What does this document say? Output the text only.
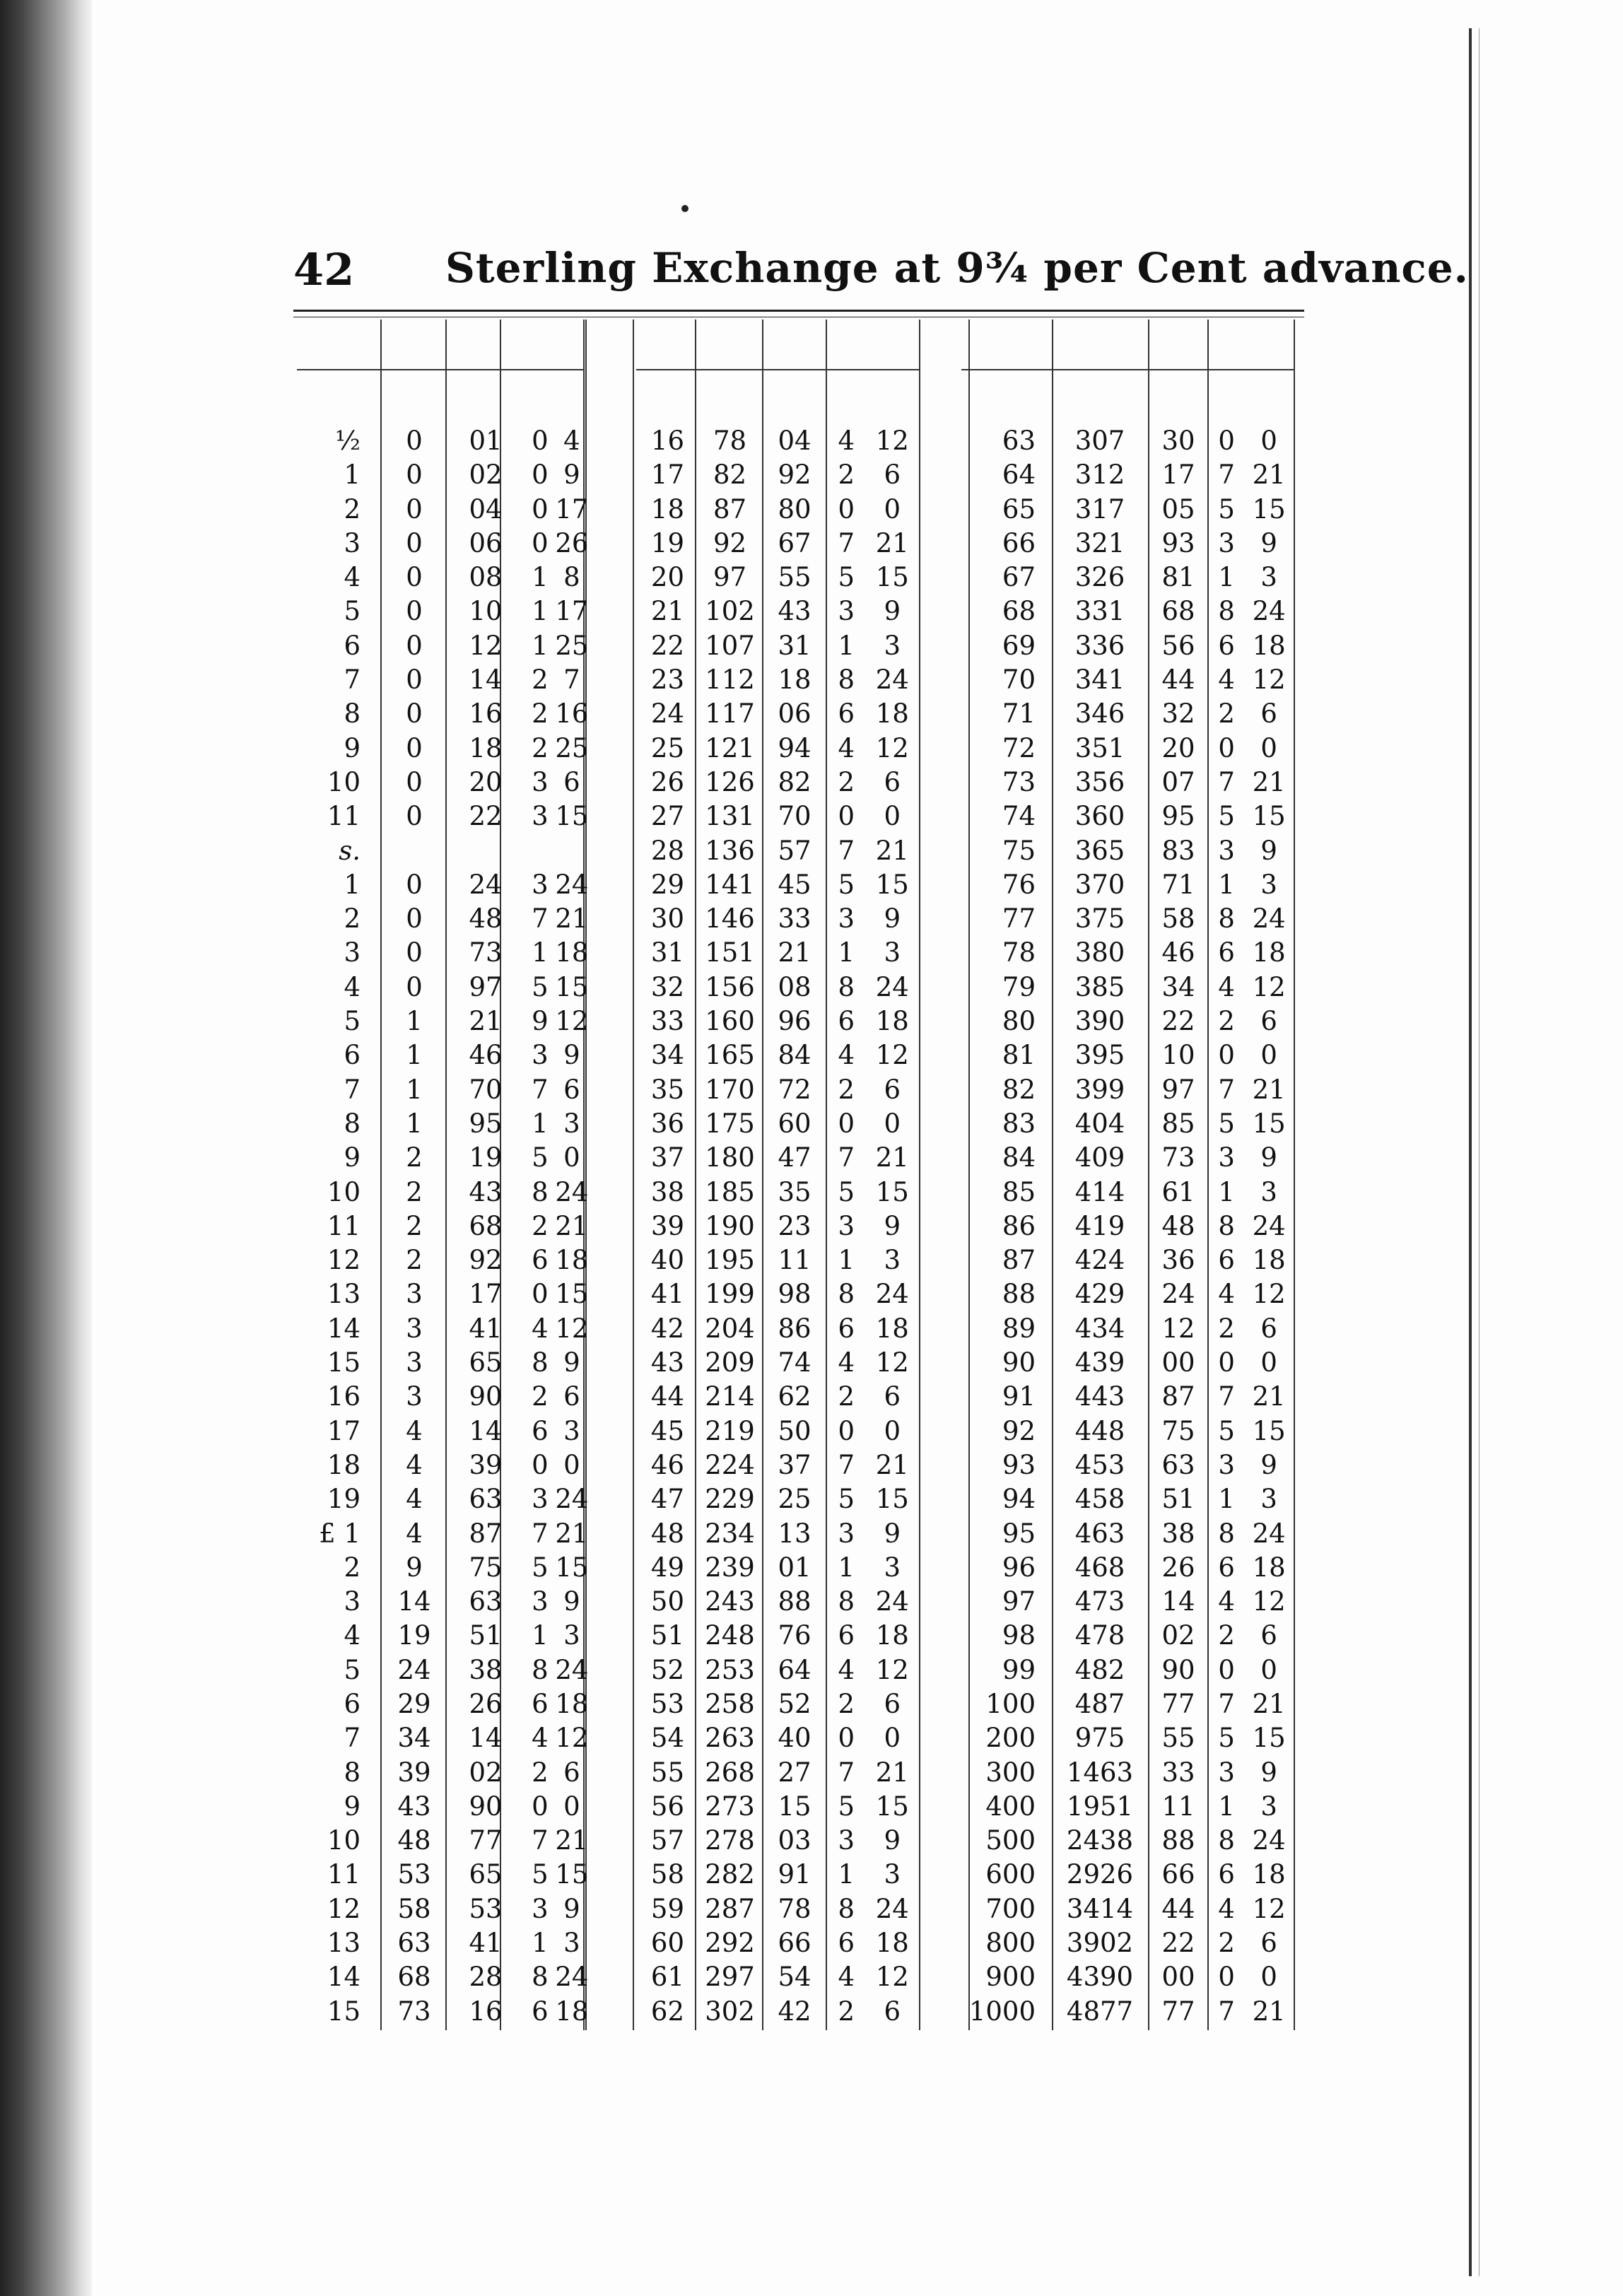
42 Sterling Exchange at 9¾ per Cent advance.
½
1
2
3
4
5
6
7
8
9
10
11
s.
1
2
3
4
5
6
7
8
9
10
11
12
13
14
15
16
17
18
19
£ 1
2
3
4
5
6
7
8
9
10
11
12
13
14
15
0
0
0
0
0
0
0
0
0
0
0
0
0
0
0
0
1
1
1
1
2
2
2
2
3
3
3
3
4
4
4
4
9
14
19
24
29
34
39
43
48
53
58
63
68
73
01
02
04
06
08
10
12
14
16
18
20
22
24
48
73
97
21
46
70
95
19
43
68
92
17
41
65
90
14
39
63
87
75
63
51
38
26
14
02
90
77
65
53
41
28
16
0
0
0
0
1
1
1
2
2
2
3
3
3
7
1
5
9
3
7
1
5
8
2
6
0
4
8
2
6
0
3
7
5
3
1
8
6
4
2
0
7
5
3
1
8
6
4
9
17
26
8
17
25
7
16
25
6
15
24
21
18
15
12
9
6
3
0
24
21
18
15
12
9
6
3
0
24
21
15
9
3
24
18
12
6
0
21
15
9
3
24
18
16
17
18
19
20
21
22
23
24
25
26
27
28
29
30
31
32
33
34
35
36
37
38
39
40
41
42
43
44
45
46
47
48
49
50
51
52
53
54
55
56
57
58
59
60
61
62
78
82
87
92
97
102
107
112
117
121
126
131
136
141
146
151
156
160
165
170
175
180
185
190
195
199
204
209
214
219
224
229
234
239
243
248
253
258
263
268
273
278
282
287
292
297
302
04
92
80
67
55
43
31
18
06
94
82
70
57
45
33
21
08
96
84
72
60
47
35
23
11
98
86
74
62
50
37
25
13
01
88
76
64
52
40
27
15
03
91
78
66
54
42
4
2
0
7
5
3
1
8
6
4
2
0
7
5
3
1
8
6
4
2
0
7
5
3
1
8
6
4
2
0
7
5
3
1
8
6
4
2
0
7
5
3
1
8
6
4
2
12
6
0
21
15
9
3
24
18
12
6
0
21
15
9
3
24
18
12
6
0
21
15
9
3
24
18
12
6
0
21
15
9
3
24
18
12
6
0
21
15
9
3
24
18
12
6
63
64
65
66
67
68
69
70
71
72
73
74
75
76
77
78
79
80
81
82
83
84
85
86
87
88
89
90
91
92
93
94
95
96
97
98
99
100
200
300
400
500
600
700
800
900
1000
307
312
317
321
326
331
336
341
346
351
356
360
365
370
375
380
385
390
395
399
404
409
414
419
424
429
434
439
443
448
453
458
463
468
473
478
482
487
975
1463
1951
2438
2926
3414
3902
4390
4877
30
17
05
93
81
68
56
44
32
20
07
95
83
71
58
46
34
22
10
97
85
73
61
48
36
24
12
00
87
75
63
51
38
26
14
02
90
77
55
33
11
88
66
44
22
00
77
0
7
5
3
1
8
6
4
2
0
7
5
3
1
8
6
4
2
0
7
5
3
1
8
6
4
2
0
7
5
3
1
8
6
4
2
0
7
5
3
1
8
6
4
2
0
7
0
21
15
9
3
24
18
12
6
0
21
15
9
3
24
18
12
6
0
21
15
9
3
24
18
12
6
0
21
15
9
3
24
18
12
6
0
21
15
9
3
24
18
12
6
0
21
